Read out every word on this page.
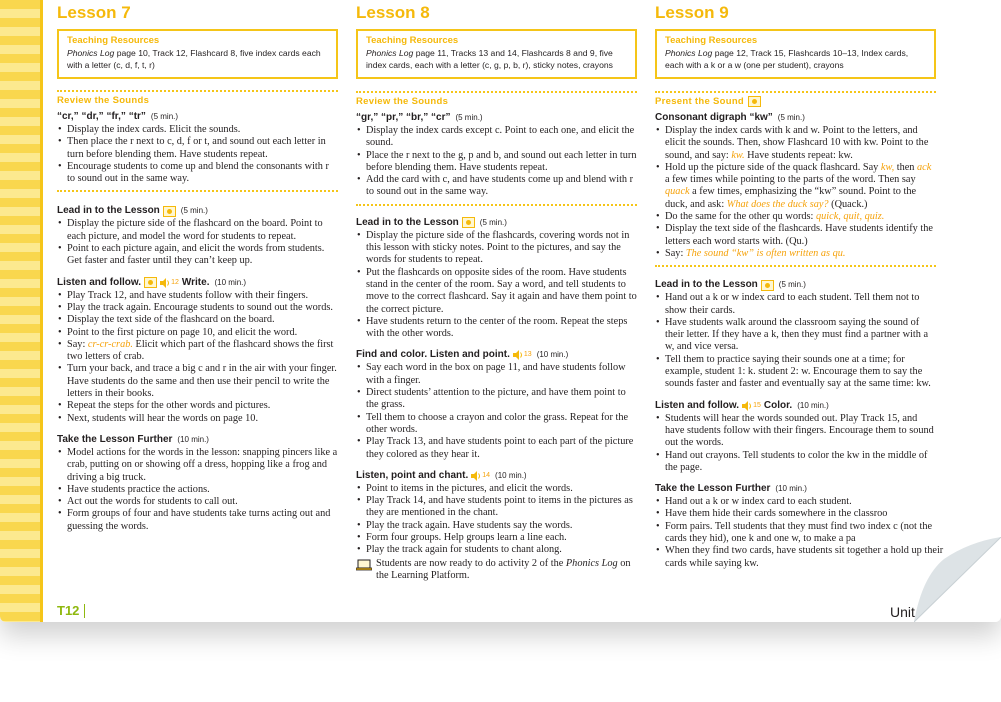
Lesson 7
Teaching Resources
Phonics Log page 10, Track 12, Flashcard 8, five index cards each with a letter (c, d, f, t, r)
Review the Sounds
“cr,” “dr,” “fr,” “tr” (5 min.)
• Display the index cards. Elicit the sounds.
• Then place the r next to c, d, f or t, and sound out each letter in turn before blending them. Have students repeat.
• Encourage students to come up and blend the consonants with r to sound out in the same way.
Lead in to the Lesson	(5 min.)
• Display the picture side of the flashcard on the board. Point to each picture, and model the word for students to repeat.
• Point to each picture again, and elicit the words from students. Get faster and faster until they can’t keep up.
Listen and follow.	12 Write. (10 min.)
• Play Track 12, and have students follow with their fingers.
• Play the track again. Encourage students to sound out the words.
• Display the text side of the flashcard on the board.
• Point to the first picture on page 10, and elicit the word.
• Say: cr-cr-crab. Elicit which part of the flashcard shows the first two letters of crab.
• Turn your back, and trace a big c and r in the air with your finger. Have students do the same and then use their pencil to write the letters in their books.
• Repeat the steps for the other words and pictures.
• Next, students will hear the words on page 10.
Take the Lesson Further (10 min.)
• Model actions for the words in the lesson: snapping pincers like a crab, putting on or showing off a dress, hopping like a frog and driving a big truck.
• Have students practice the actions.
• Act out the words for students to call out.
• Form groups of four and have students take turns acting out and guessing the words.
Lesson 8
Teaching Resources
Phonics Log page 11, Tracks 13 and 14, Flashcards 8 and 9, five index cards, each with a letter (c, g, p, b, r), sticky notes, crayons
Review the Sounds
“gr,” “pr,” “br,” “cr” (5 min.)
• Display the index cards except c. Point to each one, and elicit the sound.
• Place the r next to the g, p and b, and sound out each letter in turn before blending them. Have students repeat.
• Add the card with c, and have students come up and blend with r to sound out in the same way.
Lead in to the Lesson	(5 min.)
• Display the picture side of the flashcards, covering words not in this lesson with sticky notes. Point to the pictures, and say the words for students to repeat.
• Put the flashcards on opposite sides of the room. Have students stand in the center of the room. Say a word, and tell students to move to the correct flashcard. Say it again and have them point to the correct picture.
• Have students return to the center of the room. Repeat the steps with the other words.
Find and color. Listen and point. 13 (10 min.)
• Say each word in the box on page 11, and have students follow with a finger.
• Direct students’ attention to the picture, and have them point to the grass.
• Tell them to choose a crayon and color the grass. Repeat for the other words.
• Play Track 13, and have students point to each part of the picture they colored as they hear it.
Listen, point and chant. 14 (10 min.)
• Point to items in the pictures, and elicit the words.
• Play Track 14, and have students point to items in the pictures as they are mentioned in the chant.
• Play the track again. Have students say the words.
• Form four groups. Help groups learn a line each.
• Play the track again for students to chant along.
Students are now ready to do activity 2 of the Phonics Log on the Learning Platform.
Lesson 9
Teaching Resources
Phonics Log page 12, Track 15, Flashcards 10–13, Index cards, each with a k or a w (one per student), crayons
Present the Sound
Consonant digraph “kw” (5 min.)
• Display the index cards with k and w. Point to the letters, and elicit the sounds. Then, show Flashcard 10 with kw. Point to the sound, and say: kw. Have students repeat: kw.
• Hold up the picture side of the quack flashcard. Say kw, then ack a few times while pointing to the parts of the word. Then say quack a few times, emphasizing the “kw” sound. Point to the duck, and ask: What does the duck say? (Quack.)
• Do the same for the other qu words: quick, quit, quiz.
• Display the text side of the flashcards. Have students identify the letters each word starts with. (Qu.)
• Say: The sound “kw” is often written as qu.
Lead in to the Lesson	(5 min.)
• Hand out a k or w index card to each student. Tell them not to show their cards.
• Have students walk around the classroom saying the sound of their letter. If they have a k, then they must find a partner with a w, and vice versa.
• Tell them to practice saying their sounds one at a time; for example, student 1: k. student 2: w. Encourage them to say the sounds faster and faster and eventually say at the same time: kw.
Listen and follow. 15 Color. (10 min.)
• Students will hear the words sounded out. Play Track 15, and have students follow with their fingers. Encourage them to sound out the words.
• Hand out crayons. Tell students to color the kw in the middle of the page.
Take the Lesson Further (10 min.)
• Hand out a k or w index card to each student.
• Have them hide their cards somewhere in the classroo
• Form pairs. Tell students that they must find two index c (not the cards they hid), one k and one w, to make a pa
• When they find two cards, have students sit together a hold up their cards while saying kw.
T12	Unit
